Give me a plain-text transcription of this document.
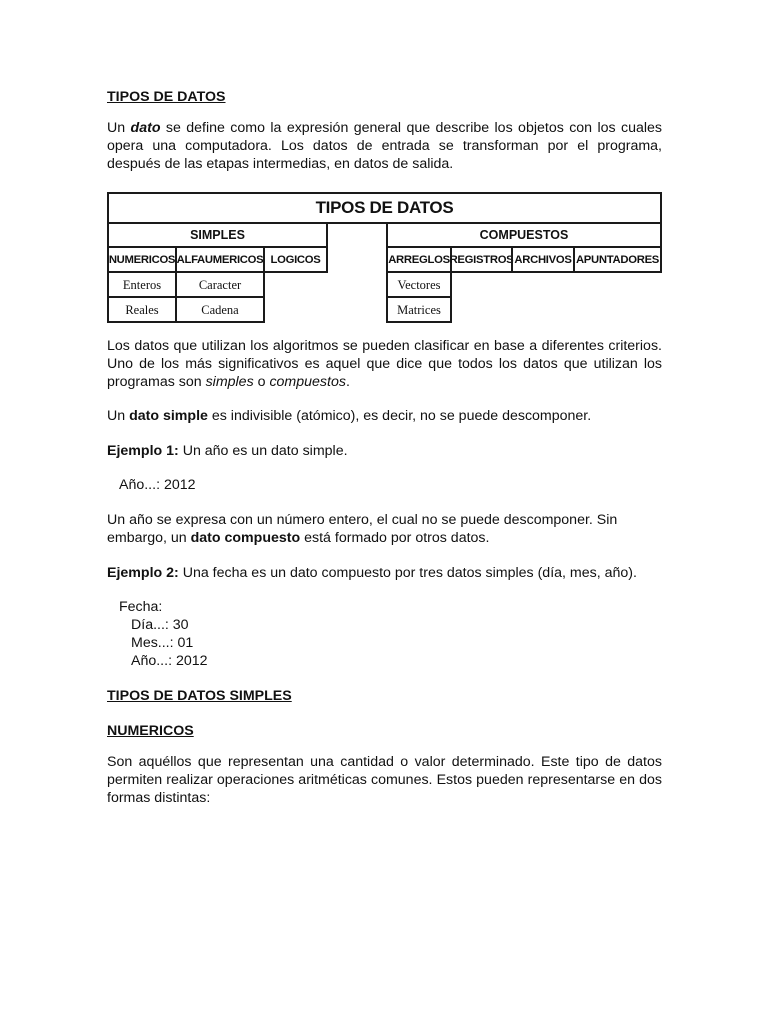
TIPOS DE DATOS

Un dato se define como la expresión general que describe los objetos con los cuales opera una computadora. Los datos de entrada se transforman por el programa, después de las etapas intermedias, en datos de salida.

TIPOS DE DATOS
SIMPLES	COMPUESTOS
NUMERICOS ALFAUMERICOS LOGICOS	ARREGLOS REGISTROS ARCHIVOS APUNTADORES
Enteros
Reales
Caracter
Cadena
Vectores
Matrices

Los datos que utilizan los algoritmos se pueden clasificar en base a diferentes criterios. Uno de los más significativos es aquel que dice que todos los datos que utilizan los programas son simples o compuestos.

Un dato simple es indivisible (atómico), es decir, no se puede descomponer.

Ejemplo 1: Un año es un dato simple.

Año...: 2012

Un año se expresa con un número entero, el cual no se puede descomponer. Sin embargo, un dato compuesto está formado por otros datos.

Ejemplo 2: Una fecha es un dato compuesto por tres datos simples (día, mes, año).

Fecha:

Día...: 30

Mes...: 01

Año...: 2012

TIPOS DE DATOS SIMPLES

NUMERICOS

Son aquéllos que representan una cantidad o valor determinado. Este tipo de datos permiten realizar operaciones aritméticas comunes. Estos pueden representarse en dos formas distintas:
